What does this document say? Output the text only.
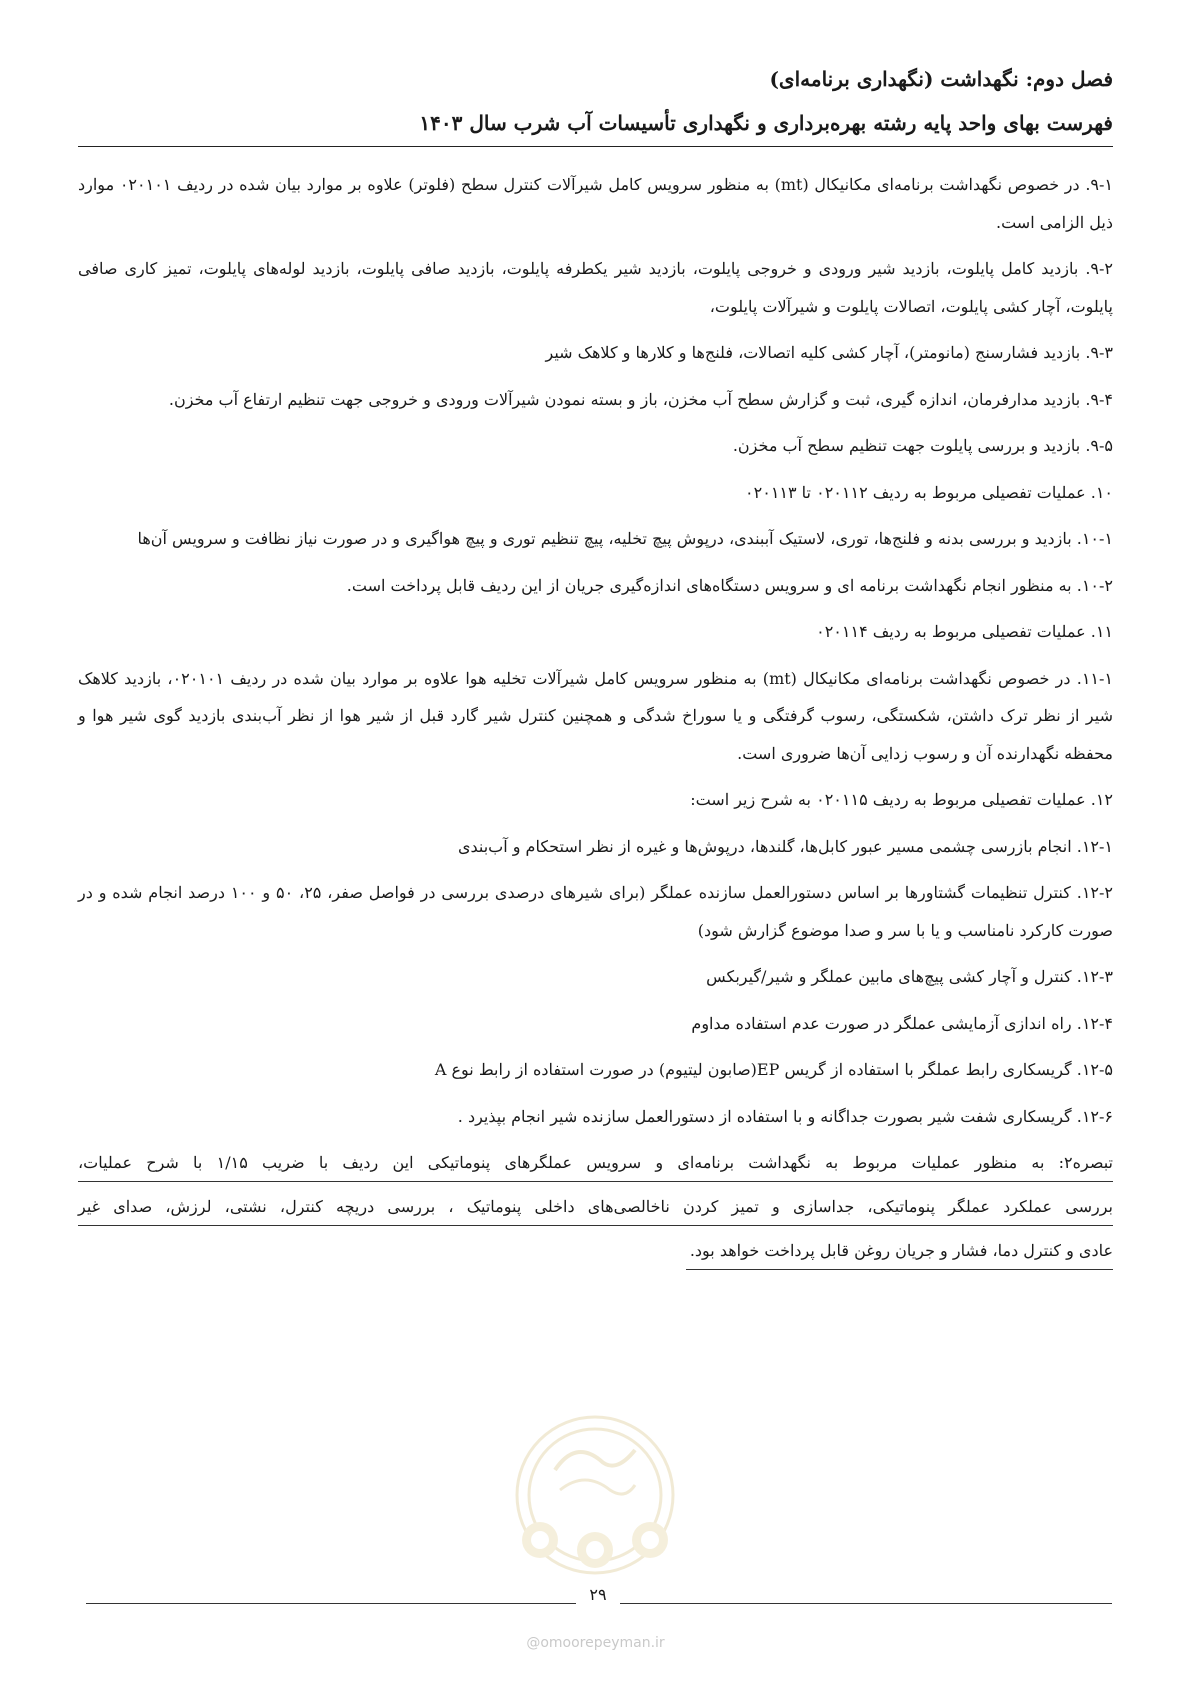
فصل دوم: نگهداشت (نگهداری برنامه‌ای)
فهرست بهای واحد پایه رشته بهره‌برداری و نگهداری تأسیسات آب شرب سال ۱۴۰۳

۹-۱. در خصوص نگهداشت برنامه‌ای مکانیکال (mt) به منظور سرویس کامل شیرآلات کنترل سطح (فلوتر) علاوه بر موارد بیان شده در ردیف ۰۲۰۱۰۱ موارد ذیل الزامی است.

۹-۲. بازدید کامل پایلوت، بازدید شیر ورودی و خروجی پایلوت، بازدید شیر یکطرفه پایلوت، بازدید صافی پایلوت، بازدید لوله‌های پایلوت، تمیز کاری صافی پایلوت، آچار کشی پایلوت، اتصالات پایلوت و شیرآلات پایلوت،

۹-۳. بازدید فشارسنج (مانومتر)، آچار کشی کلیه اتصالات، فلنج‌ها و کلارها و کلاهک شیر

۹-۴. بازدید مدارفرمان، اندازه گیری، ثبت و گزارش سطح آب مخزن، باز و بسته نمودن شیرآلات ورودی و خروجی جهت تنظیم ارتفاع آب مخزن.

۹-۵. بازدید و بررسی پایلوت جهت تنظیم سطح آب مخزن.

۱۰. عملیات تفصیلی مربوط به ردیف ۰۲۰۱۱۲ تا ۰۲۰۱۱۳

۱۰-۱. بازدید و بررسی بدنه و فلنج‌ها، توری، لاستیک آببندی، درپوش پیچ تخلیه، پیچ تنظیم توری و پیچ هواگیری و در صورت نیاز نظافت و سرویس آن‌ها

۱۰-۲. به منظور انجام نگهداشت برنامه ای و سرویس دستگاه‌های اندازه‌گیری جریان از این ردیف قابل پرداخت است.

۱۱. عملیات تفصیلی مربوط به ردیف ۰۲۰۱۱۴

۱۱-۱. در خصوص نگهداشت برنامه‌ای مکانیکال (mt) به منظور سرویس کامل شیرآلات تخلیه هوا علاوه بر موارد بیان شده در ردیف ۰۲۰۱۰۱، بازدید کلاهک شیر از نظر ترک داشتن، شکستگی، رسوب گرفتگی و یا سوراخ شدگی و همچنین کنترل شیر گارد قبل از شیر هوا از نظر آب‌بندی بازدید گوی شیر هوا و محفظه نگهدارنده آن و رسوب زدایی آن‌ها ضروری است.

۱۲. عملیات تفصیلی مربوط به ردیف ۰۲۰۱۱۵ به شرح زیر است:

۱۲-۱. انجام بازرسی چشمی مسیر عبور کابل‌ها، گلندها، درپوش‌ها و غیره از نظر استحکام و آب‌بندی

۱۲-۲. کنترل تنظیمات گشتاورها بر اساس دستورالعمل سازنده عملگر (برای شیرهای درصدی بررسی در فواصل صفر، ۲۵، ۵۰ و ۱۰۰ درصد انجام شده و در صورت کارکرد نامناسب و یا با سر و صدا موضوع گزارش شود)

۱۲-۳. کنترل و آچار کشی پیچ‌های مابین عملگر و شیر/گیربکس

۱۲-۴. راه اندازی آزمایشی عملگر در صورت عدم استفاده مداوم

۱۲-۵. گریسکاری رابط عملگر با استفاده از گریس EP(صابون لیتیوم) در صورت استفاده از رابط نوع A

۱۲-۶. گریسکاری شفت شیر بصورت جداگانه و با استفاده از دستورالعمل سازنده شیر انجام بپذیرد .

تبصره۲: به منظور عملیات مربوط به نگهداشت برنامه‌ای و سرویس عملگرهای پنوماتیکی این ردیف با ضریب ۱/۱۵ با شرح عملیات،
بررسی عملکرد عملگر پنوماتیکی، جداسازی و تمیز کردن ناخالصی‌های داخلی پنوماتیک ، بررسی دریچه کنترل، نشتی، لرزش، صدای غیر
عادی و کنترل دما، فشار و جریان روغن قابل پرداخت خواهد بود.
۲۹
@omoorepeyman.ir
